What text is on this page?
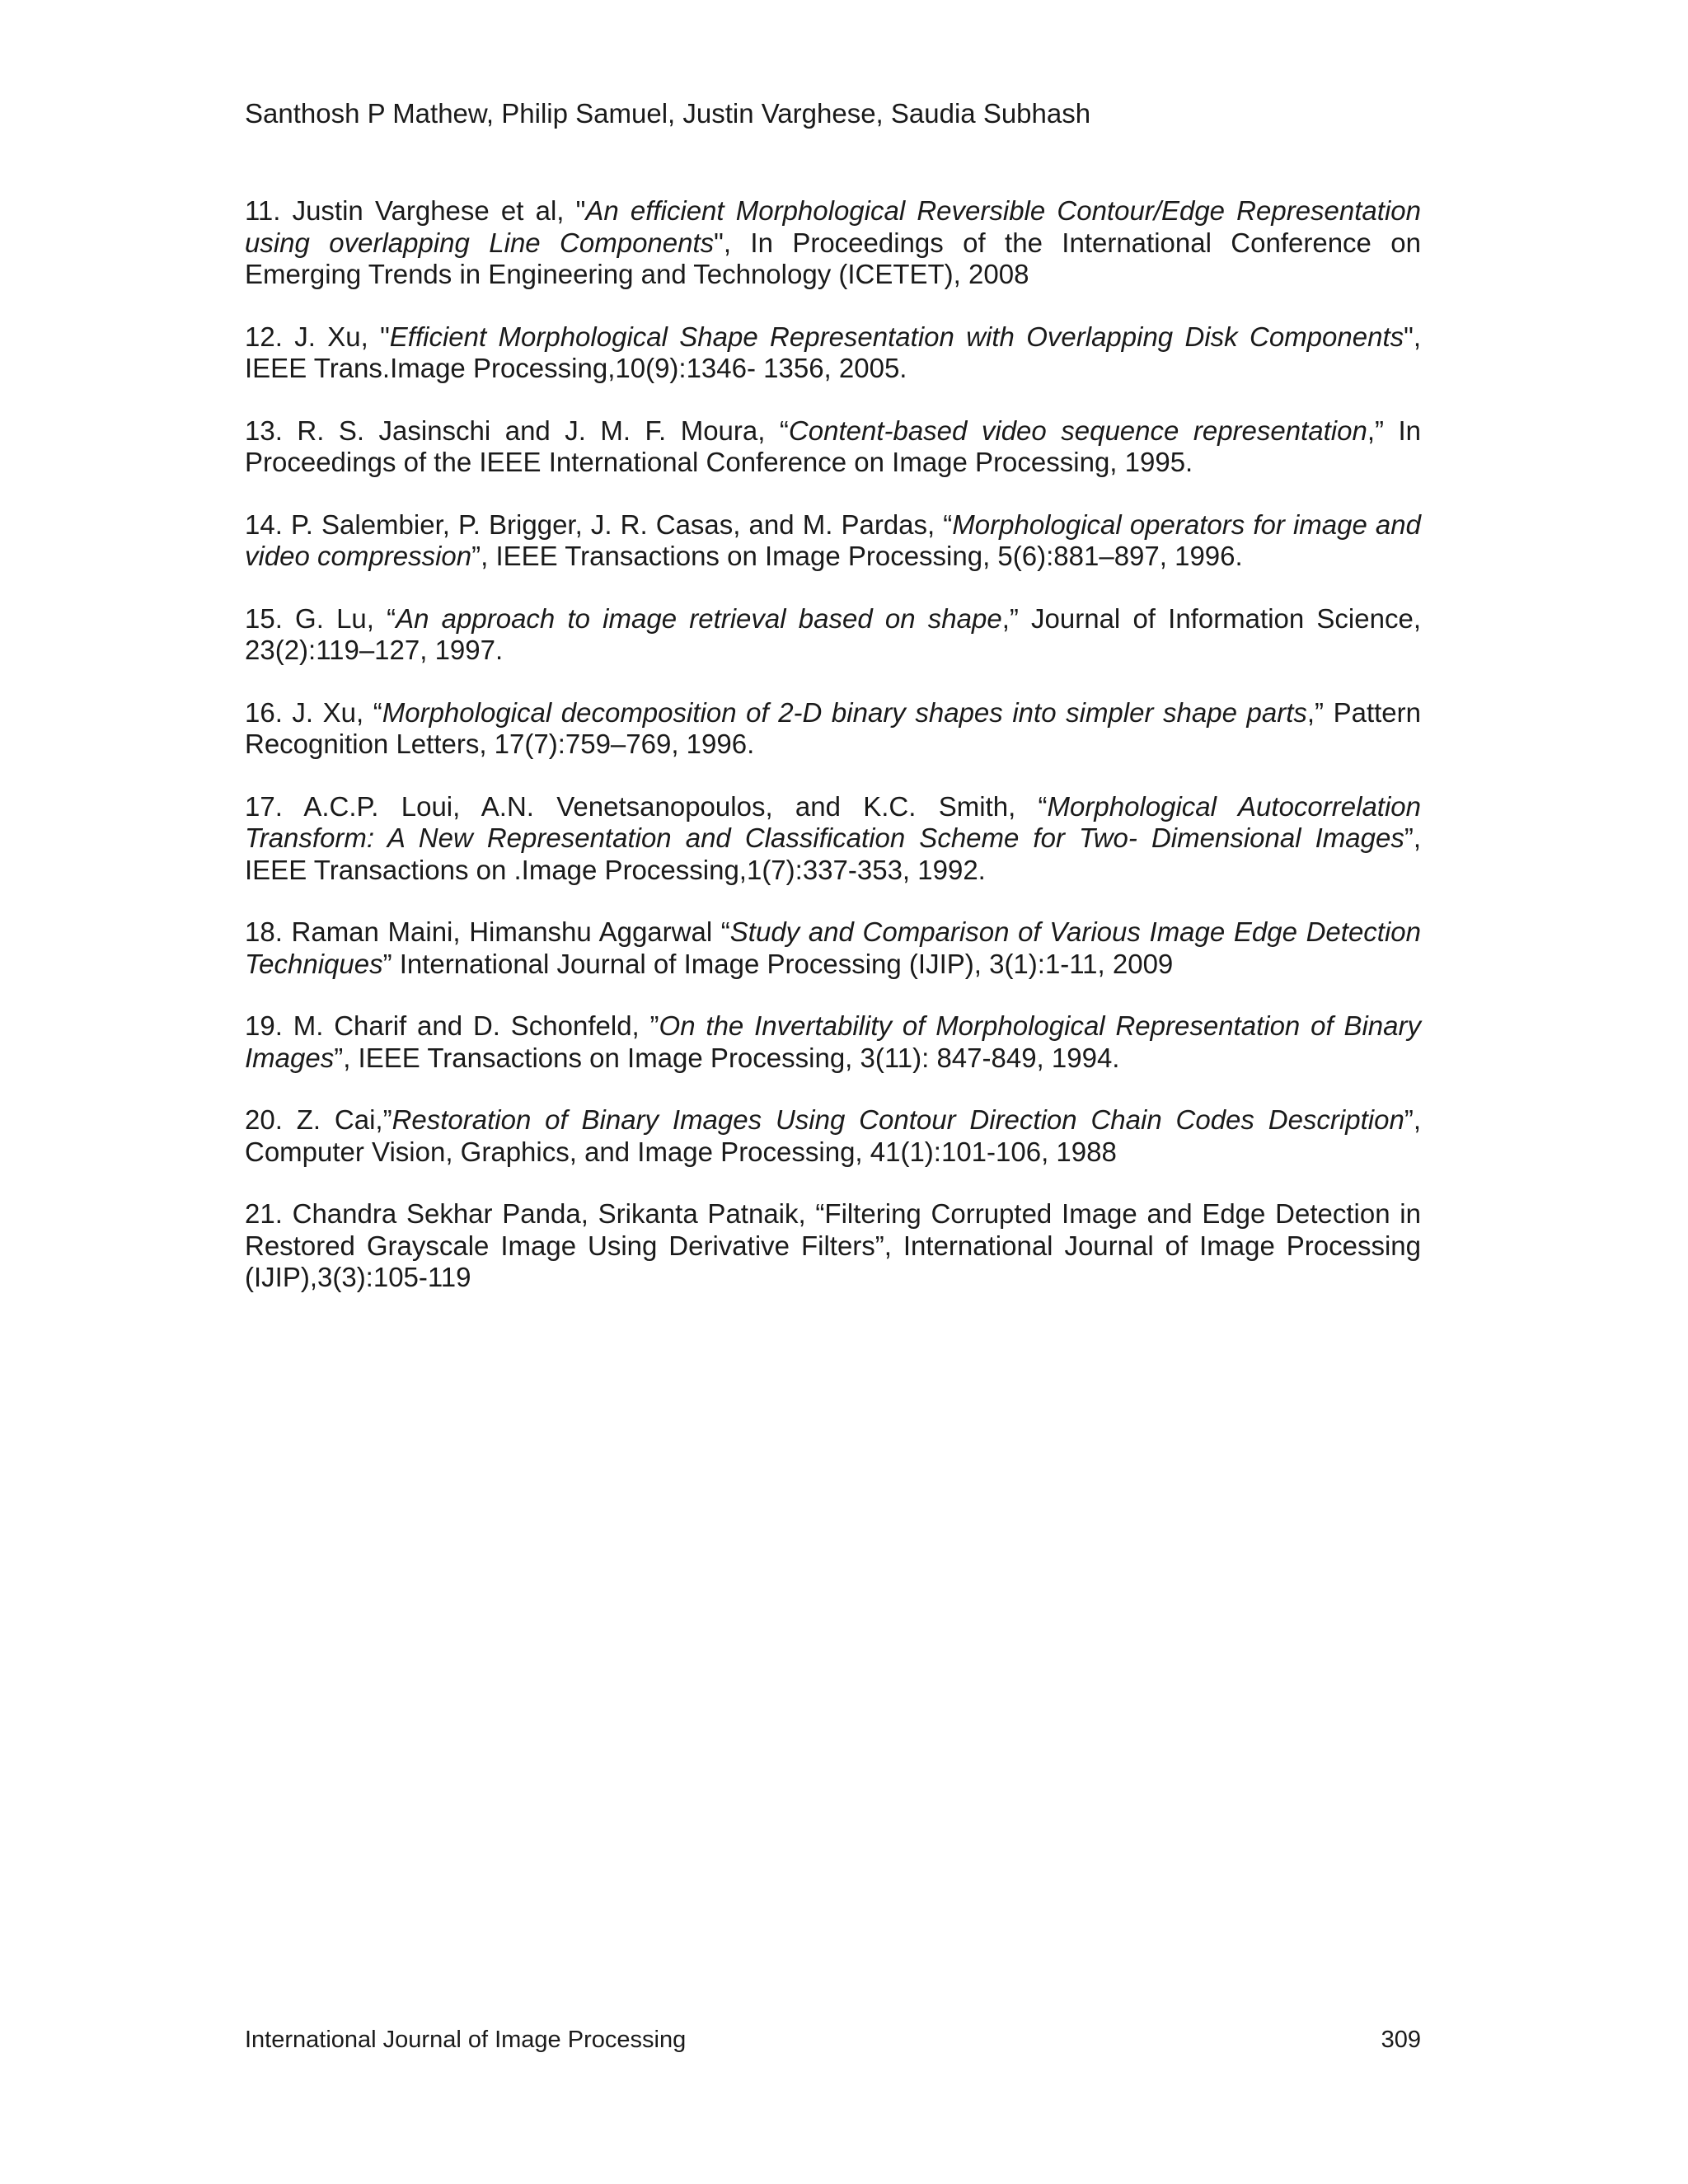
Santhosh P Mathew, Philip Samuel, Justin Varghese, Saudia Subhash

11. Justin Varghese et al, "An efficient Morphological Reversible Contour/Edge Representation using overlapping Line Components", In Proceedings of the International Conference on Emerging Trends in Engineering and Technology (ICETET), 2008

12. J. Xu, "Efficient Morphological Shape Representation with Overlapping Disk Components", IEEE Trans.Image Processing,10(9):1346- 1356, 2005.

13. R. S. Jasinschi and J. M. F. Moura, “Content-based video sequence representation,” In Proceedings of the IEEE International Conference on Image Processing, 1995.

14. P. Salembier, P. Brigger, J. R. Casas, and M. Pardas, “Morphological operators for image and video compression”, IEEE Transactions on Image Processing, 5(6):881–897, 1996.

15. G. Lu, “An approach to image retrieval based on shape,” Journal of Information Science, 23(2):119–127, 1997.

16. J. Xu, “Morphological decomposition of 2-D binary shapes into simpler shape parts,” Pattern Recognition Letters, 17(7):759–769, 1996.

17. A.C.P. Loui, A.N. Venetsanopoulos, and K.C. Smith, “Morphological Autocorrelation Transform: A New Representation and Classification Scheme for Two- Dimensional Images”, IEEE Transactions on .Image Processing,1(7):337-353, 1992.

18. Raman Maini, Himanshu Aggarwal “Study and Comparison of Various Image Edge Detection Techniques” International Journal of Image Processing (IJIP), 3(1):1-11, 2009

19. M. Charif and D. Schonfeld, ”On the Invertability of Morphological Representation of Binary Images”, IEEE Transactions on Image Processing, 3(11): 847-849, 1994.

20. Z. Cai,”Restoration of Binary Images Using Contour Direction Chain Codes Description”, Computer Vision, Graphics, and Image Processing, 41(1):101-106, 1988

21. Chandra Sekhar Panda, Srikanta Patnaik, “Filtering Corrupted Image and Edge Detection in Restored Grayscale Image Using Derivative Filters”, International Journal of Image Processing (IJIP),3(3):105-119

International Journal of Image Processing	309
